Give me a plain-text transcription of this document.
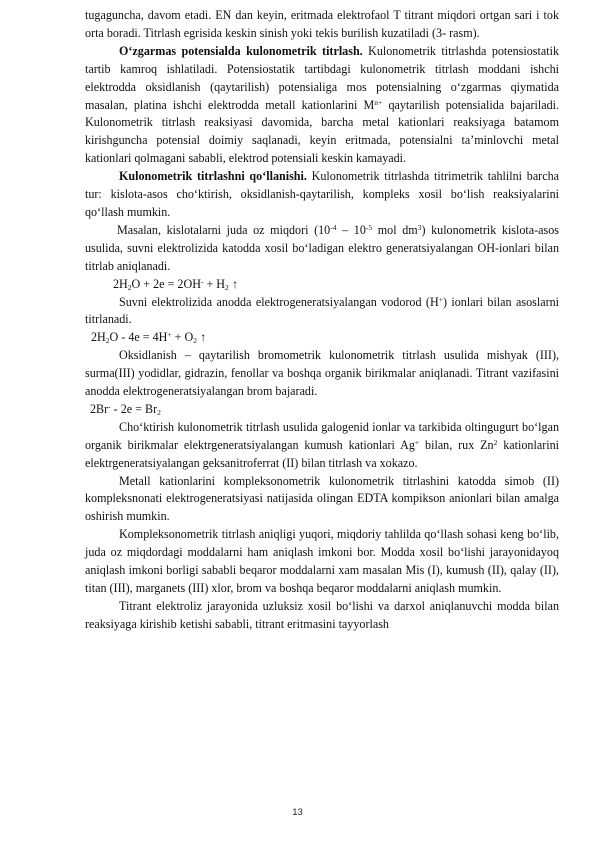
tugaguncha, davom etadi. EN dan keyin, eritmada elektrofaol T titrant miqdori ortgan sari i tok orta boradi. Titrlash egrisida keskin sinish yoki tekis burilish kuzatiladi (3- rasm).

O‘zgarmas potensialda kulonometrik titrlash. Kulonometrik titrlashda potensiostatik tartib kamroq ishlatiladi. Potensiostatik tartibdagi kulonometrik titrlash moddani ishchi elektrodda oksidlanish (qaytarilish) potensialiga mos potensialning o‘zgarmas qiymatida masalan, platina ishchi elektrodda metall kationlarini $M^{n+}$ qaytarilish potensialida bajariladi. Kulonometrik titrlash reaksiyasi davomida, barcha metal kationlari reaksiyaga batamom kirishguncha potensial doimiy saqlanadi, keyin eritmada, potensialni ta’minlovchi metal kationlari qolmagani sababli, elektrod potensiali keskin kamayadi.

Kulonometrik titrlashni qo‘llanishi. Kulonometrik titrlashda titrimetrik tahlilni barcha tur: kislota-asos cho‘ktirish, oksidlanish-qaytarilish, kompleks xosil bo‘lish reaksiyalarini qo‘llash mumkin.

Masalan, kislotalarni juda oz miqdori ($10^{-4} - 10^{-5}$ mol $dm^3$) kulonometrik kislota-asos usulida, suvni elektrolizida katodda xosil bo‘ladigan elektro generatsiyalangan OH-ionlari bilan titrlab aniqlanadi.

$2H_2O + 2e = 2OH^- + H_2$ ↑

Suvni elektrolizida anodda elektrogeneratsiyalangan vodorod (H+) ionlari bilan asoslarni titrlanadi.

$2H_2O - 4e = 4H^+ + O_2$ ↑

Oksidlanish – qaytarilish bromometrik kulonometrik titrlash usulida mishyak (III), surma(III) yodidlar, gidrazin, fenollar va boshqa organik birikmalar aniqlanadi. Titrant vazifasini anodda elektrogeneratsiyalangan brom bajaradi.

$2Br^- - 2e = Br_2$

Cho‘ktirish kulonometrik titrlash usulida galogenid ionlar va tarkibida oltingugurt bo‘lgan organik birikmalar elektrgeneratsiyalangan kumush kationlari Ag+ bilan, rux Zn$^2$ kationlarini elektrgeneratsiyalangan geksanitroferrat (II) bilan titrlash va xokazo.

Metall kationlarini kompleksonometrik kulonometrik titrlashini katodda simob (II) kompleksnonati elektrogeneratsiyasi natijasida olingan EDTA kompikson anionlari bilan amalga oshirish mumkin.

Kompleksonometrik titrlash aniqligi yuqori, miqdoriy tahlilda qo‘llash sohasi keng bo‘lib, juda oz miqdordagi moddalarni ham aniqlash imkoni bor. Modda xosil bo‘lishi jarayonidayoq aniqlash imkoni borligi sababli beqaror moddalarni xam masalan Mis (I), kumush (II), qalay (II), titan (III), marganets (III) xlor, brom va boshqa beqaror moddalarni aniqlash mumkin.

Titrant elektroliz jarayonida uzluksiz xosil bo‘lishi va darxol aniqlanuvchi modda bilan reaksiyaga kirishib ketishi sababli, titrant eritmasini tayyorlash

13
